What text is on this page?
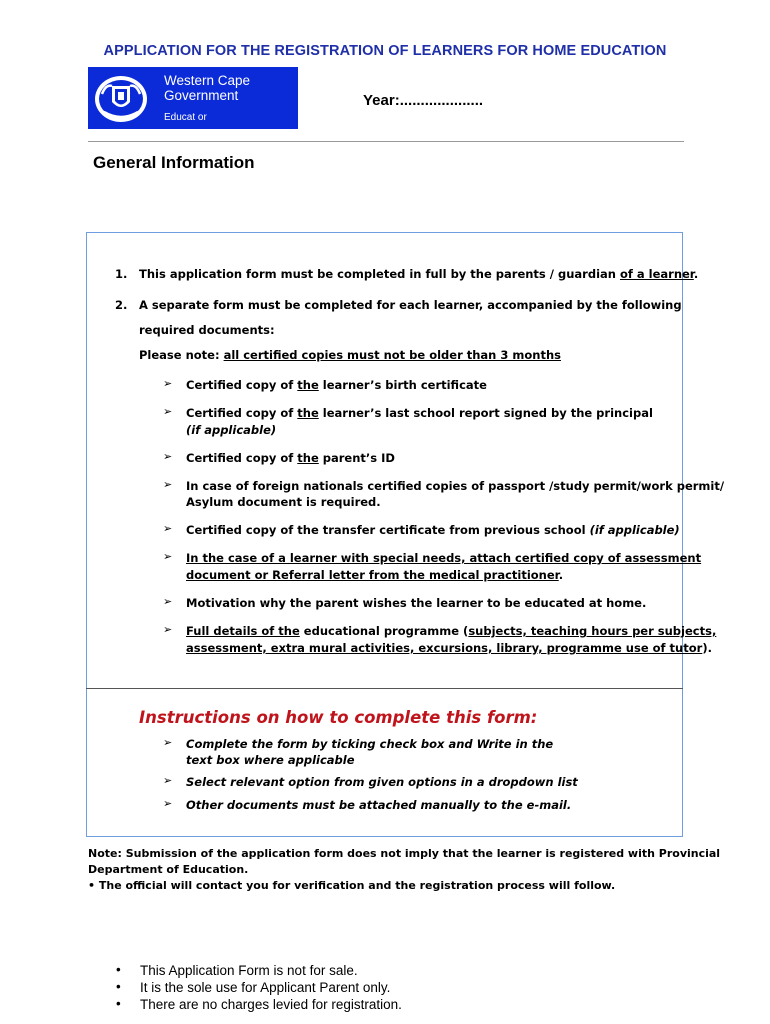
APPLICATION FOR THE REGISTRATION OF LEARNERS FOR HOME EDUCATION
Western Cape
Government
Educat or
Year:....................
General Information
1. This application form must be completed in full by the parents / guardian of a learner.
2. A separate form must be completed for each learner, accompanied by the following
required documents:
Please note: all certified copies must not be older than 3 months
➢ Certified copy of the learner’s birth certificate
➢ Certified copy of the learner’s last school report signed by the principal
(if applicable)
➢ Certified copy of the parent’s ID
➢ In case of foreign nationals certified copies of passport /study permit/work permit/
Asylum document is required.
➢ Certified copy of the transfer certificate from previous school (if applicable)
➢ In the case of a learner with special needs, attach certified copy of assessment
document or Referral letter from the medical practitioner.
➢ Motivation why the parent wishes the learner to be educated at home.
➢ Full details of the educational programme (subjects, teaching hours per subjects,
assessment, extra mural activities, excursions, library, programme use of tutor).
Instructions on how to complete this form:
➢ Complete the form by ticking check box and Write in the
text box where applicable
➢ Select relevant option from given options in a dropdown list
➢ Other documents must be attached manually to the e-mail.
Note: Submission of the application form does not imply that the learner is registered with Provincial
Department of Education.
• The official will contact you for verification and the registration process will follow.
• This Application Form is not for sale.
• It is the sole use for Applicant Parent only.
• There are no charges levied for registration.
